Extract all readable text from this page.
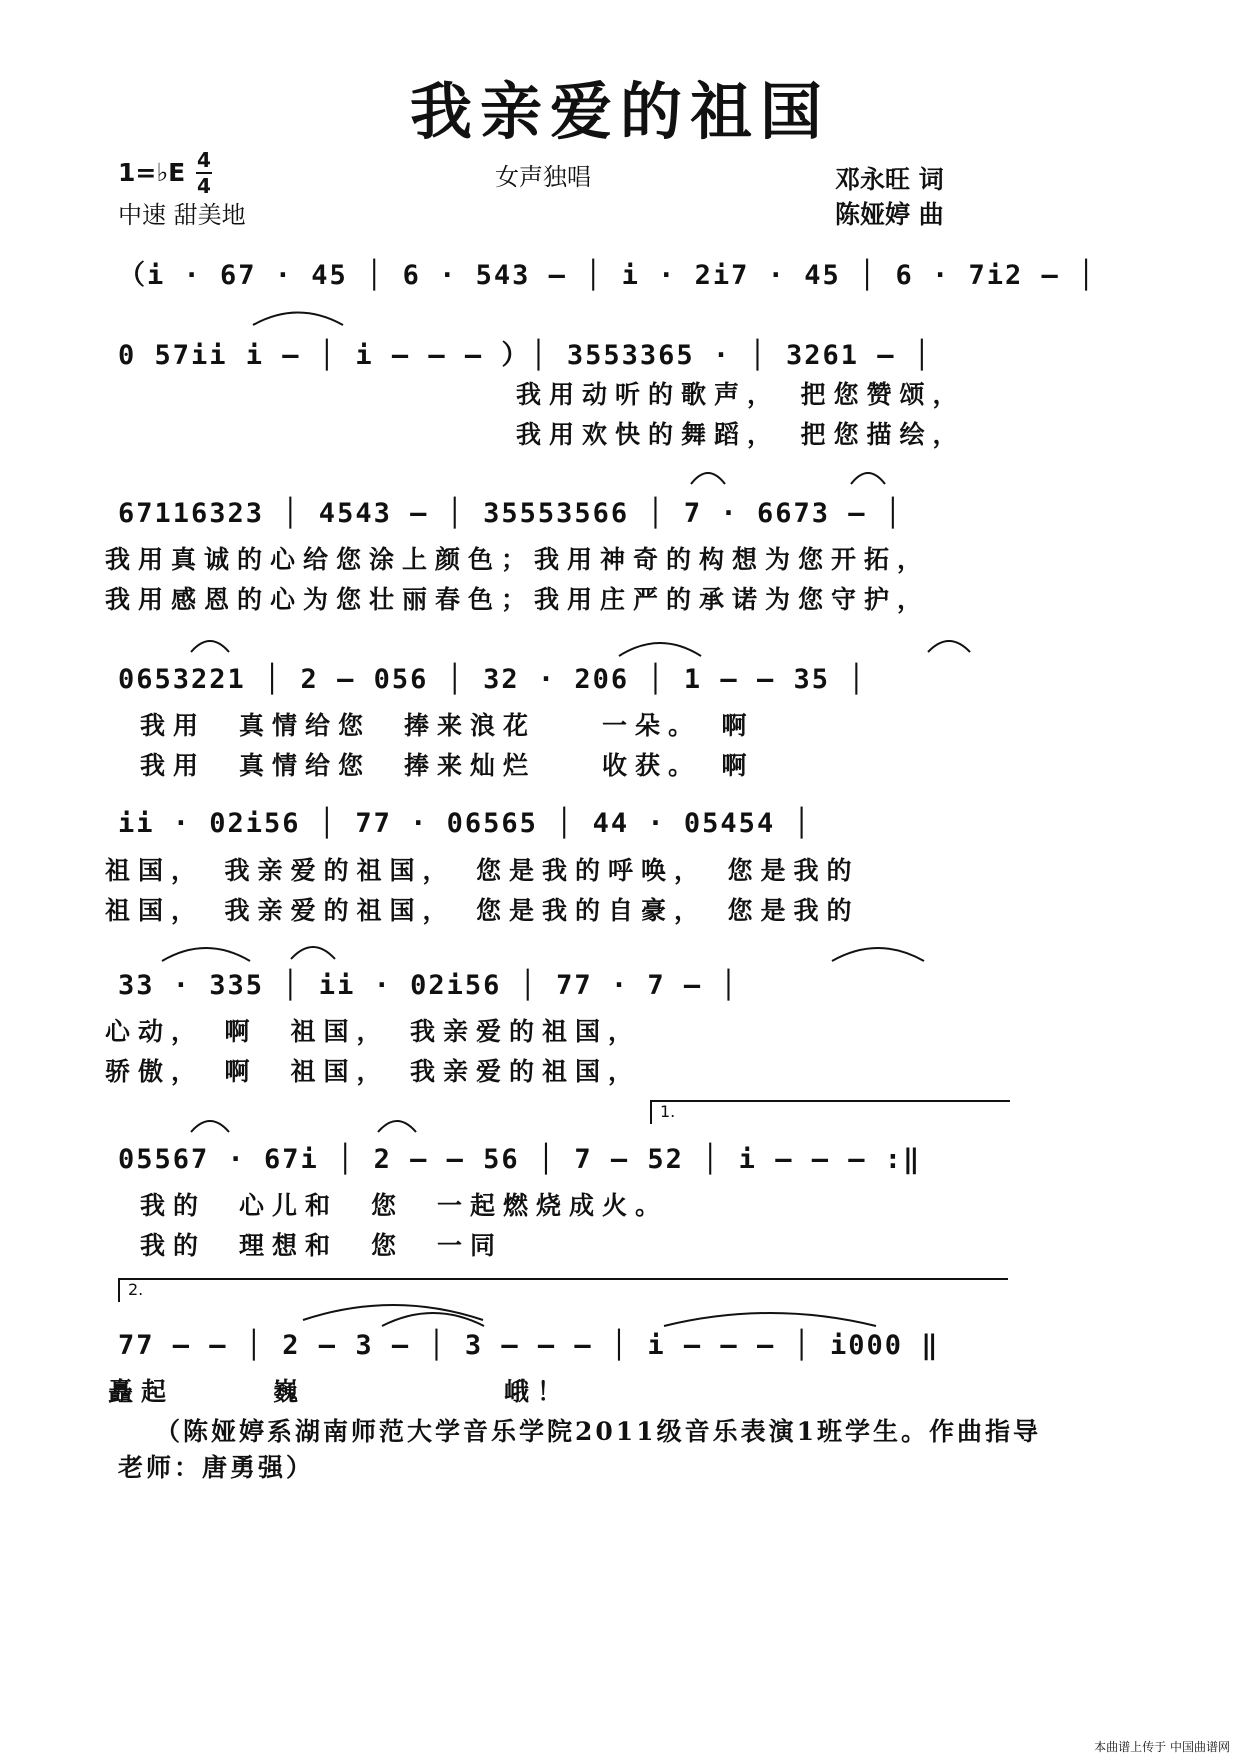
我亲爱的祖国
1=♭E 4
4	女声独唱
中速 甜美地
邓永旺 词
陈娅婷 曲
（i · 67 · 45 │ 6 · 543 – │ i · 2i7 · 45 │ 6 · 7i2 – │
0 57ii i – │ i – – – ）│ 3553365 · │ 3261 – │
我用动听的歌声，　把您赞颂，
我用欢快的舞蹈，　把您描绘，
67116323 │ 4543 – │ 35553566 │ 7 · 6673 – │
我用真诚的心给您涂上颜色；我用神奇的构想为您开拓，
我用感恩的心为您壮丽春色；我用庄严的承诺为您守护，
0653221 │ 2 – 056 │ 32 · 206 │ 1 – – 35 │
我用　真情给您　捧来浪花　　一朵。　啊
我用　真情给您　捧来灿烂　　收获。　啊
ii · 02i56 │ 77 · 06565 │ 44 · 05454 │
祖国，　我亲爱的祖国，　您是我的呼唤，　您是我的
祖国，　我亲爱的祖国，　您是我的自豪，　您是我的
33 · 335 │ ii · 02i56 │ 77 · 7 – │
心动，　啊　祖国，　我亲爱的祖国，
骄傲，　啊　祖国，　我亲爱的祖国，
1.
05567 · 67i │ 2 – – 56 │ 7 – 52 │ i – – – :‖
我的　心儿和　您　一起燃烧成火。
我的　理想和　您　一同
2.
77 – – │ 2 – 3 – │ 3 – – – │ i – – – │ i000 ‖
矗起　　　巍　　　　　　峨！
（陈娅婷系湖南师范大学音乐学院2011级音乐表演1班学生。作曲指导
老师：唐勇强）
本曲谱上传于 中国曲谱网
